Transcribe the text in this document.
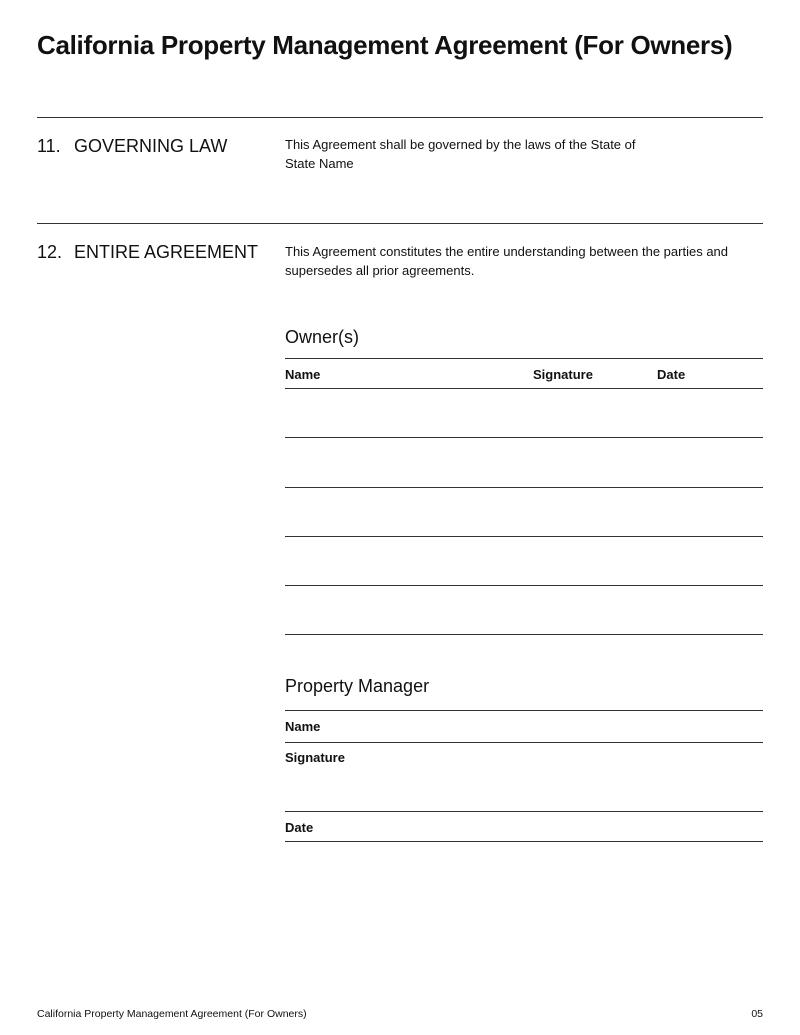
California Property Management Agreement (For Owners)
11. GOVERNING LAW	This Agreement shall be governed by the laws of the State of
State Name

12. ENTIRE AGREEMENT This Agreement constitutes the entire understanding between the parties and
supersedes all prior agreements.

Owner(s)
Name	Signature	Date
Property Manager
Name
Signature
Date
California Property Management Agreement (For Owners)	05
